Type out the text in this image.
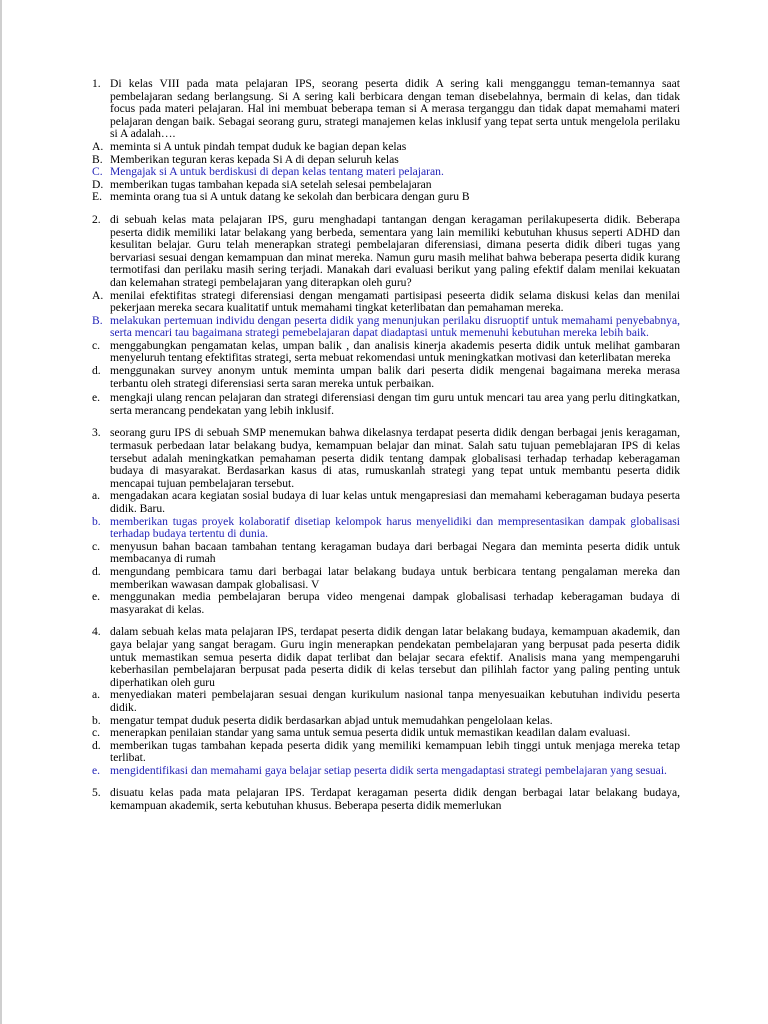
1. Di kelas VIII pada mata pelajaran IPS, seorang peserta didik A sering kali mengganggu teman-temannya saat pembelajaran sedang berlangsung. Si A sering kali berbicara dengan teman disebelahnya, bermain di kelas, dan tidak focus pada materi pelajaran. Hal ini membuat beberapa teman si A merasa terganggu dan tidak dapat memahami materi pelajaran dengan baik. Sebagai seorang guru, strategi manajemen kelas inklusif yang tepat serta untuk mengelola perilaku si A adalah….
A. meminta si A untuk pindah tempat duduk ke bagian depan kelas
B. Memberikan teguran keras kepada Si A di depan seluruh kelas
C. Mengajak si A untuk berdiskusi di depan kelas tentang materi pelajaran.
D. memberikan tugas tambahan kepada siA setelah selesai pembelajaran
E. meminta orang tua si A untuk datang ke sekolah dan berbicara dengan guru B
2. di sebuah kelas mata pelajaran IPS, guru menghadapi tantangan dengan keragaman perilakupeserta didik. Beberapa peserta didik memiliki latar belakang yang berbeda, sementara yang lain memiliki kebutuhan khusus seperti ADHD dan kesulitan belajar. Guru telah menerapkan strategi pembelajaran diferensiasi, dimana peserta didik diberi tugas yang bervariasi sesuai dengan kemampuan dan minat mereka. Namun guru masih melihat bahwa beberapa peserta didik kurang termotifasi dan perilaku masih sering terjadi. Manakah dari evaluasi berikut yang paling efektif dalam menilai kekuatan dan kelemahan strategi pembelajaran yang diterapkan oleh guru?
A. menilai efektifitas strategi diferensiasi dengan mengamati partisipasi peseerta didik selama diskusi kelas dan menilai pekerjaan mereka secara kualitatif untuk memahami tingkat keterlibatan dan pemahaman mereka.
B. melakukan pertemuan individu dengan peserta didik yang menunjukan perilaku disruoptif untuk memahami penyebabnya, serta mencari tau bagaimana strategi pemebelajaran dapat diadaptasi untuk memenuhi kebutuhan mereka lebih baik.
c. menggabungkan pengamatan kelas, umpan balik , dan analisis kinerja akademis peserta didik untuk melihat gambaran menyeluruh tentang efektifitas strategi, serta mebuat rekomendasi untuk meningkatkan motivasi dan keterlibatan mereka
d. menggunakan survey anonym untuk meminta umpan balik dari peserta didik mengenai bagaimana mereka merasa terbantu oleh strategi diferensiasi serta saran mereka untuk perbaikan.
e. mengkaji ulang rencan pelajaran dan strategi diferensiasi dengan tim guru untuk mencari tau area yang perlu ditingkatkan, serta merancang pendekatan yang lebih inklusif.
3. seorang guru IPS di sebuah SMP menemukan bahwa dikelasnya terdapat peserta didik dengan berbagai jenis keragaman, termasuk perbedaan latar belakang budya, kemampuan belajar dan minat. Salah satu tujuan pemeblajaran IPS di kelas tersebut adalah meningkatkan pemahaman peserta didik tentang dampak globalisasi terhadap terhadap keberagaman budaya di masyarakat. Berdasarkan kasus di atas, rumuskanlah strategi yang tepat untuk membantu peserta didik mencapai tujuan pembelajaran tersebut.
a. mengadakan acara kegiatan sosial budaya di luar kelas untuk mengapresiasi dan memahami keberagaman budaya peserta didik. Baru.
b. memberikan tugas proyek kolaboratif disetiap kelompok harus menyelidiki dan mempresentasikan dampak globalisasi terhadap budaya tertentu di dunia.
c. menyusun bahan bacaan tambahan tentang keragaman budaya dari berbagai Negara dan meminta peserta didik untuk membacanya di rumah
d. mengundang pembicara tamu dari berbagai latar belakang budaya untuk berbicara tentang pengalaman mereka dan memberikan wawasan dampak globalisasi. V
e. menggunakan media pembelajaran berupa video mengenai dampak globalisasi terhadap keberagaman budaya di masyarakat di kelas.
4. dalam sebuah kelas mata pelajaran IPS, terdapat peserta didik dengan latar belakang budaya, kemampuan akademik, dan gaya belajar yang sangat beragam. Guru ingin menerapkan pendekatan pembelajaran yang berpusat pada peserta didik untuk memastikan semua peserta didik dapat terlibat dan belajar secara efektif. Analisis mana yang mempengaruhi keberhasilan pembelajaran berpusat pada peserta didik di kelas tersebut dan pilihlah factor yang paling penting untuk diperhatikan oleh guru
a. menyediakan materi pembelajaran sesuai dengan kurikulum nasional tanpa menyesuaikan kebutuhan individu peserta didik.
b. mengatur tempat duduk peserta didik berdasarkan abjad untuk memudahkan pengelolaan kelas.
c. menerapkan penilaian standar yang sama untuk semua peserta didik untuk memastikan keadilan dalam evaluasi.
d. memberikan tugas tambahan kepada peserta didik yang memiliki kemampuan lebih tinggi untuk menjaga mereka tetap terlibat.
e. mengidentifikasi dan memahami gaya belajar setiap peserta didik serta mengadaptasi strategi pembelajaran yang sesuai.
5. disuatu kelas pada mata pelajaran IPS. Terdapat keragaman peserta didik dengan berbagai latar belakang budaya, kemampuan akademik, serta kebutuhan khusus. Beberapa peserta didik memerlukan
